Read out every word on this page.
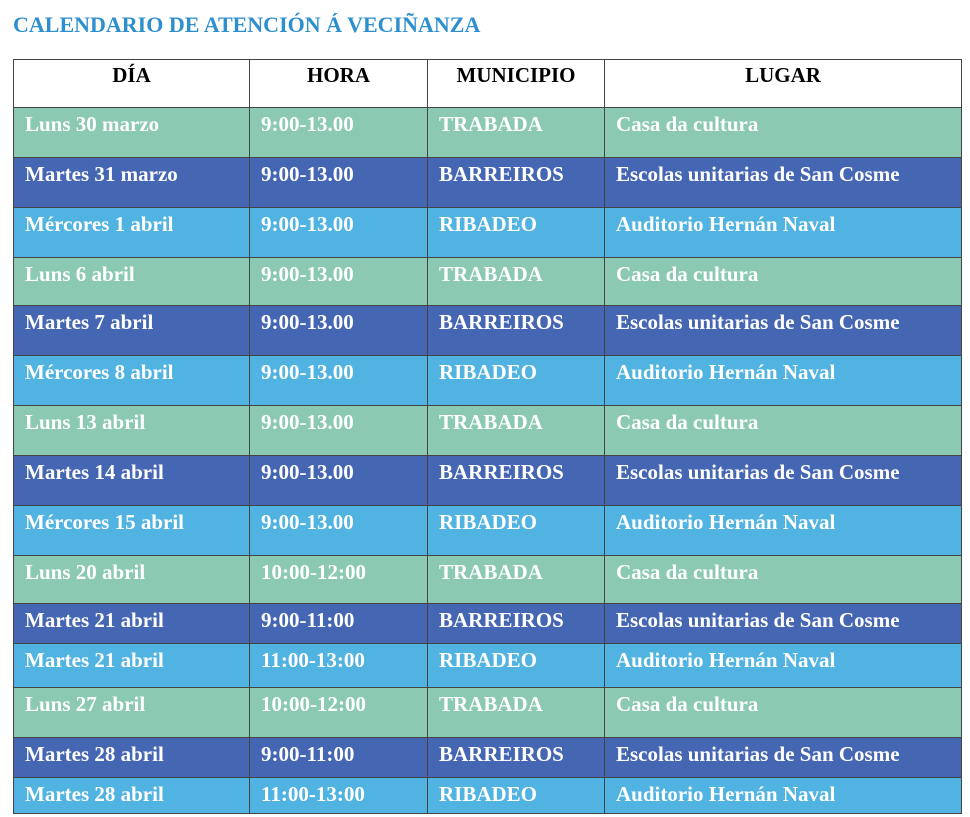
CALENDARIO DE ATENCIÓN Á VECIÑANZA
DÍA	HORA	MUNICIPIO	LUGAR
Luns 30 marzo	9:00-13.00	TRABADA	Casa da cultura
Martes 31 marzo	9:00-13.00	BARREIROS	Escolas unitarias de San Cosme
Mércores 1 abril	9:00-13.00	RIBADEO	Auditorio Hernán Naval
Luns 6 abril	9:00-13.00	TRABADA	Casa da cultura
Martes 7 abril	9:00-13.00	BARREIROS	Escolas unitarias de San Cosme
Mércores 8 abril	9:00-13.00	RIBADEO	Auditorio Hernán Naval
Luns 13 abril	9:00-13.00	TRABADA	Casa da cultura
Martes 14 abril	9:00-13.00	BARREIROS	Escolas unitarias de San Cosme
Mércores 15 abril	9:00-13.00	RIBADEO	Auditorio Hernán Naval
Luns 20 abril	10:00-12:00	TRABADA	Casa da cultura
Martes 21 abril	9:00-11:00	BARREIROS	Escolas unitarias de San Cosme
Martes 21 abril	11:00-13:00	RIBADEO	Auditorio Hernán Naval
Luns 27 abril	10:00-12:00	TRABADA	Casa da cultura
Martes 28 abril	9:00-11:00	BARREIROS	Escolas unitarias de San Cosme
Martes 28 abril	11:00-13:00	RIBADEO	Auditorio Hernán Naval
